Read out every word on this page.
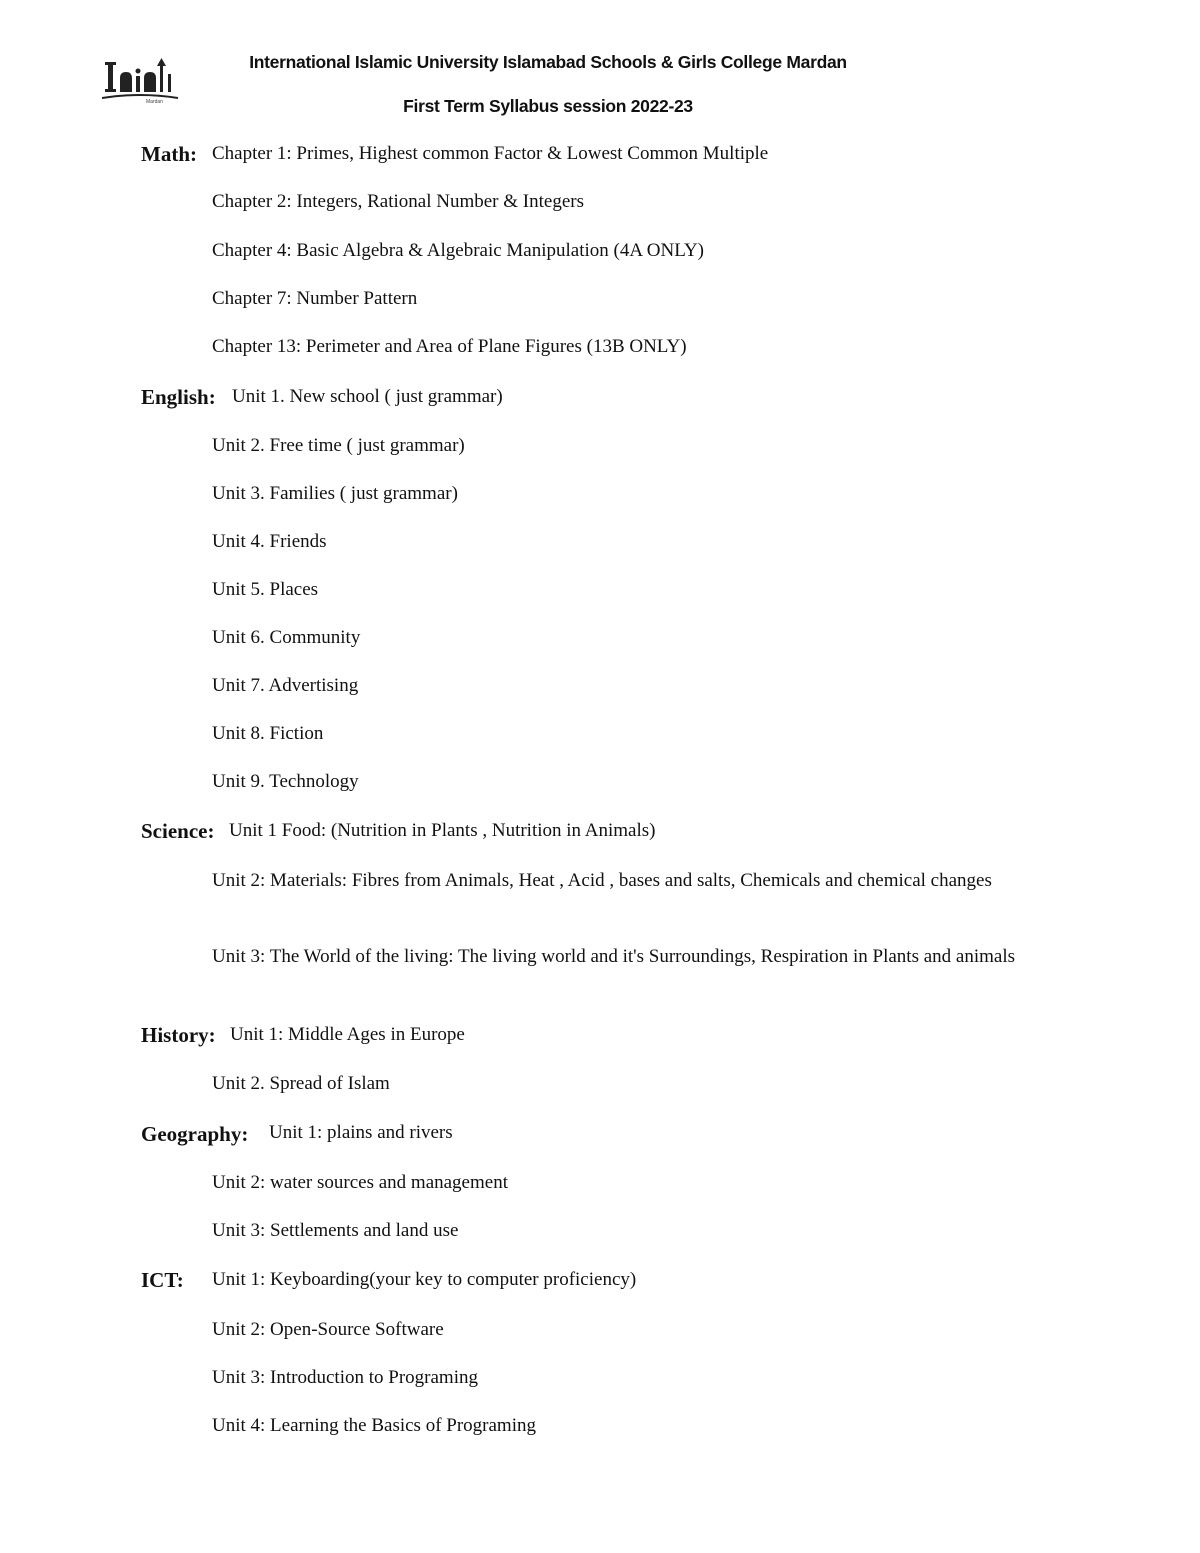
Mardan
International Islamic University Islamabad Schools & Girls College Mardan
First Term Syllabus session 2022-23
Math: Chapter 1: Primes, Highest common Factor & Lowest Common Multiple
Chapter 2: Integers, Rational Number & Integers
Chapter 4: Basic Algebra & Algebraic Manipulation (4A ONLY)
Chapter 7: Number Pattern
Chapter 13: Perimeter and Area of Plane Figures (13B ONLY)
English: Unit 1. New school ( just grammar)
Unit 2. Free time ( just grammar)
Unit 3. Families ( just grammar)
Unit 4. Friends
Unit 5. Places
Unit 6. Community
Unit 7. Advertising
Unit 8. Fiction
Unit 9. Technology
Science: Unit 1 Food: (Nutrition in Plants , Nutrition in Animals)
Unit 2: Materials: Fibres from Animals, Heat , Acid , bases and salts, Chemicals and chemical changes
Unit 3: The World of the living: The living world and it's Surroundings, Respiration in Plants and animals
History: Unit 1: Middle Ages in Europe
Unit 2. Spread of Islam
Geography: Unit 1: plains and rivers
Unit 2: water sources and management
Unit 3: Settlements and land use
ICT: Unit 1: Keyboarding(your key to computer proficiency)
Unit 2: Open-Source Software
Unit 3: Introduction to Programing
Unit 4: Learning the Basics of Programing
